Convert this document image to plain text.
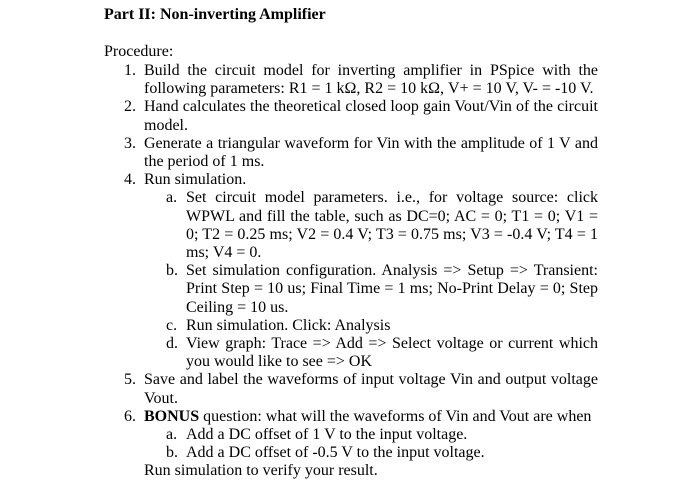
Part II: Non-inverting Amplifier
Procedure:
1. Build the circuit model for inverting amplifier in PSpice with the following parameters: R1 = 1 kΩ, R2 = 10 kΩ, V+ = 10 V, V- = -10 V.
2. Hand calculates the theoretical closed loop gain Vout/Vin of the circuit model.
3. Generate a triangular waveform for Vin with the amplitude of 1 V and the period of 1 ms.
4. Run simulation.
a. Set circuit model parameters. i.e., for voltage source: click WPWL and fill the table, such as DC=0; AC = 0; T1 = 0; V1 = 0; T2 = 0.25 ms; V2 = 0.4 V; T3 = 0.75 ms; V3 = -0.4 V; T4 = 1 ms; V4 = 0.
b. Set simulation configuration. Analysis => Setup => Transient: Print Step = 10 us; Final Time = 1 ms; No-Print Delay = 0; Step Ceiling = 10 us.
c. Run simulation. Click: Analysis
d. View graph: Trace => Add => Select voltage or current which you would like to see => OK
5. Save and label the waveforms of input voltage Vin and output voltage Vout.
6. BONUS question: what will the waveforms of Vin and Vout are when
a. Add a DC offset of 1 V to the input voltage.
b. Add a DC offset of -0.5 V to the input voltage.
Run simulation to verify your result.
